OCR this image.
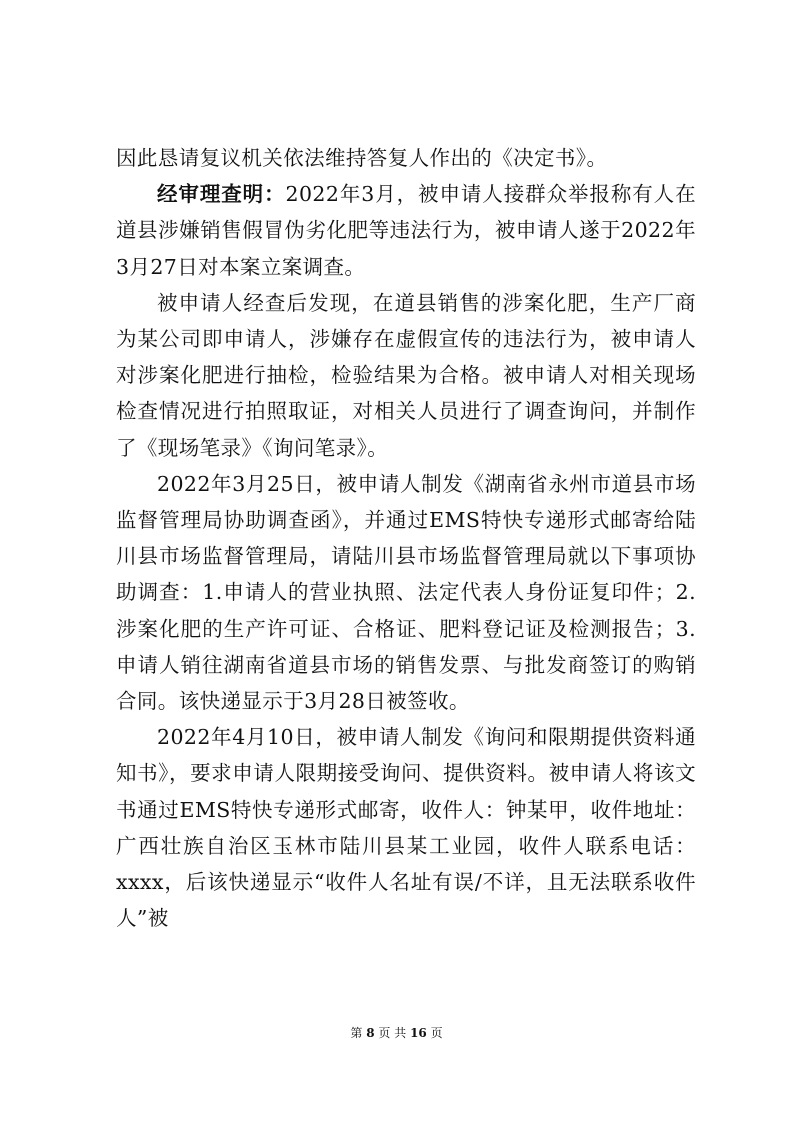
因此恳请复议机关依法维持答复人作出的《决定书》。

经审理查明：2022年3月，被申请人接群众举报称有人在道县涉嫌销售假冒伪劣化肥等违法行为，被申请人遂于2022年3月27日对本案立案调查。

被申请人经查后发现，在道县销售的涉案化肥，生产厂商为某公司即申请人，涉嫌存在虚假宣传的违法行为，被申请人对涉案化肥进行抽检，检验结果为合格。被申请人对相关现场检查情况进行拍照取证，对相关人员进行了调查询问，并制作了《现场笔录》《询问笔录》。

2022年3月25日，被申请人制发《湖南省永州市道县市场监督管理局协助调查函》，并通过EMS特快专递形式邮寄给陆川县市场监督管理局，请陆川县市场监督管理局就以下事项协助调查：1.申请人的营业执照、法定代表人身份证复印件；2.涉案化肥的生产许可证、合格证、肥料登记证及检测报告；3.申请人销往湖南省道县市场的销售发票、与批发商签订的购销合同。该快递显示于3月28日被签收。

2022年4月10日，被申请人制发《询问和限期提供资料通知书》，要求申请人限期接受询问、提供资料。被申请人将该文书通过EMS特快专递形式邮寄，收件人：钟某甲，收件地址：广西壮族自治区玉林市陆川县某工业园，收件人联系电话：xxxx，后该快递显示“收件人名址有误/不详，且无法联系收件人”被

第 8 页 共 16 页
